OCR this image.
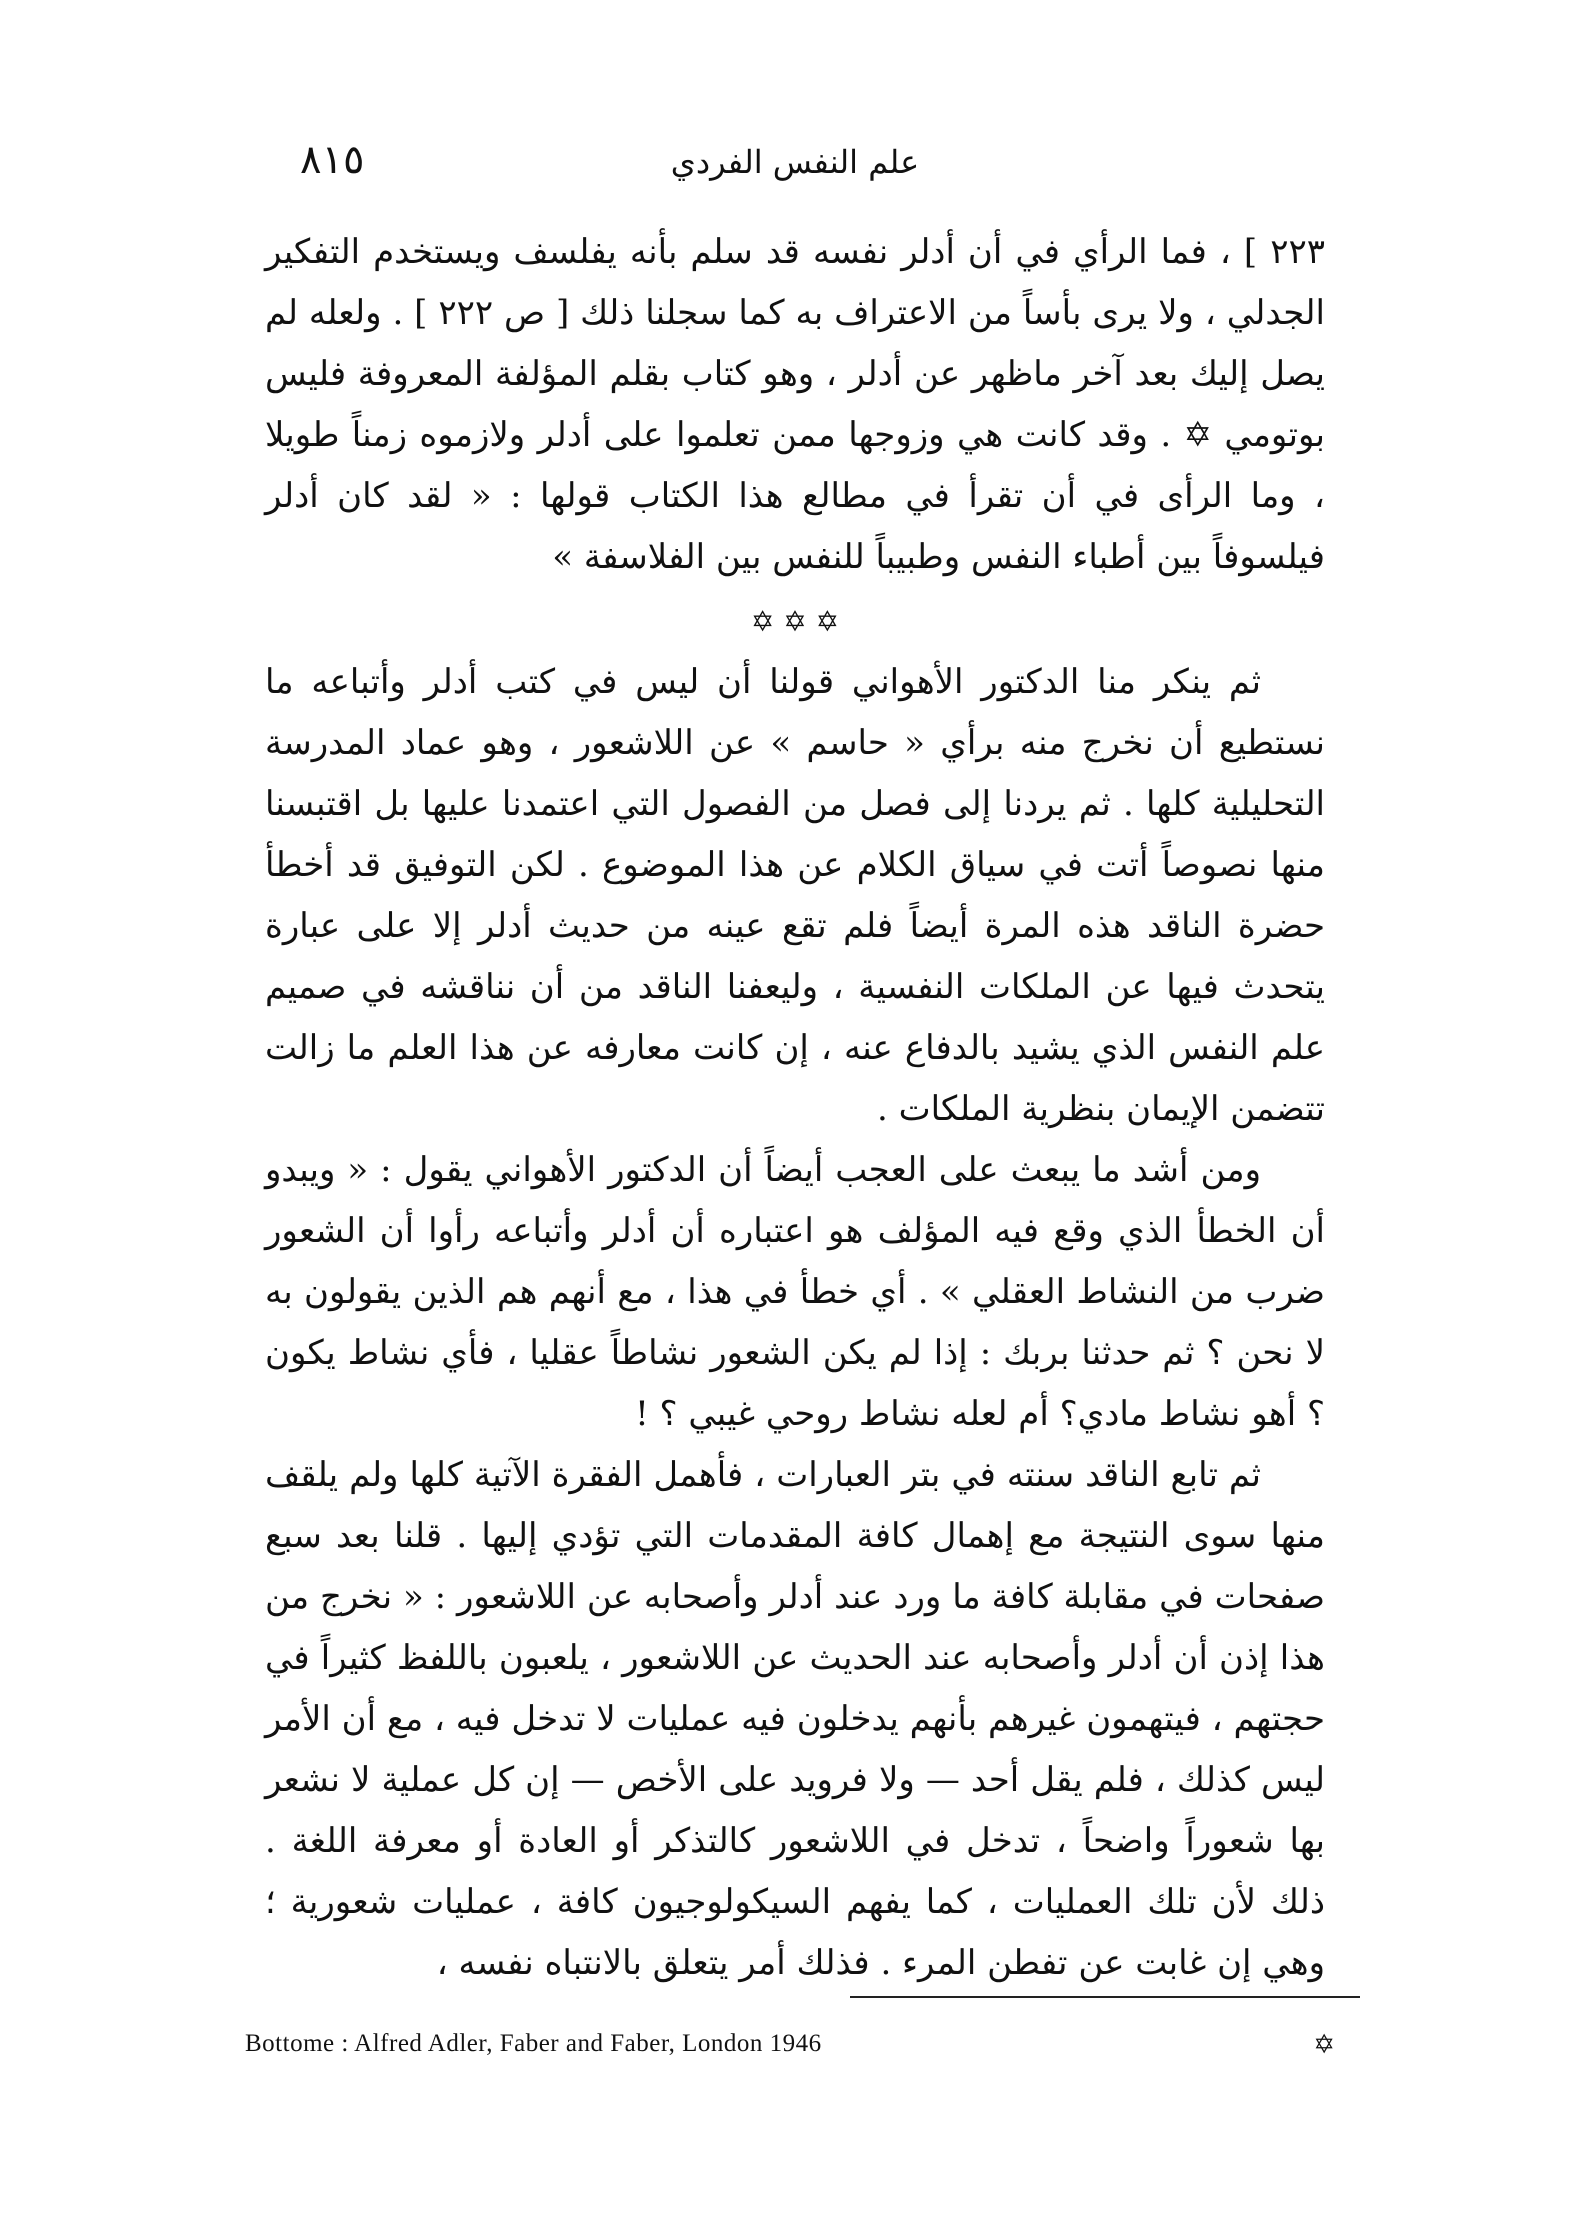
٨١٥	علم النفس الفردي

٢٢٣ ] ، فما الرأي في أن أدلر نفسه قد سلم بأنه يفلسف ويستخدم التفكير الجدلي ، ولا يرى بأساً من الاعتراف به كما سجلنا ذلك [ ص ٢٢٢ ] . ولعله لم يصل إليك بعد آخر ماظهر عن أدلر ، وهو كتاب بقلم المؤلفة المعروفة فليس بوتومي ✡ . وقد كانت هي وزوجها ممن تعلموا على أدلر ولازموه زمناً طويلا ، وما الرأى في أن تقرأ في مطالع هذا الكتاب قولها : « لقد كان أدلر فيلسوفاً بين أطباء النفس وطبيباً للنفس بين الفلاسفة »

✡ ✡ ✡

ثم ينكر منا الدكتور الأهواني قولنا أن ليس في كتب أدلر وأتباعه ما نستطيع أن نخرج منه برأي « حاسم » عن اللاشعور ، وهو عماد المدرسة التحليلية كلها . ثم يردنا إلى فصل من الفصول التي اعتمدنا عليها بل اقتبسنا منها نصوصاً أتت في سياق الكلام عن هذا الموضوع . لكن التوفيق قد أخطأ حضرة الناقد هذه المرة أيضاً فلم تقع عينه من حديث أدلر إلا على عبارة يتحدث فيها عن الملكات النفسية ، وليعفنا الناقد من أن نناقشه في صميم علم النفس الذي يشيد بالدفاع عنه ، إن كانت معارفه عن هذا العلم ما زالت تتضمن الإيمان بنظرية الملكات .

ومن أشد ما يبعث على العجب أيضاً أن الدكتور الأهواني يقول : « ويبدو أن الخطأ الذي وقع فيه المؤلف هو اعتباره أن أدلر وأتباعه رأوا أن الشعور ضرب من النشاط العقلي » . أي خطأ في هذا ، مع أنهم هم الذين يقولون به لا نحن ؟ ثم حدثنا بربك : إذا لم يكن الشعور نشاطاً عقليا ، فأي نشاط يكون ؟ أهو نشاط مادي؟ أم لعله نشاط روحي غيبي ؟ !

ثم تابع الناقد سنته في بتر العبارات ، فأهمل الفقرة الآتية كلها ولم يلقف منها سوى النتيجة مع إهمال كافة المقدمات التي تؤدي إليها . قلنا بعد سبع صفحات في مقابلة كافة ما ورد عند أدلر وأصحابه عن اللاشعور : « نخرج من هذا إذن أن أدلر وأصحابه عند الحديث عن اللاشعور ، يلعبون باللفظ كثيراً في حجتهم ، فيتهمون غيرهم بأنهم يدخلون فيه عمليات لا تدخل فيه ، مع أن الأمر ليس كذلك ، فلم يقل أحد — ولا فرويد على الأخص — إن كل عملية لا نشعر بها شعوراً واضحاً ، تدخل في اللاشعور كالتذكر أو العادة أو معرفة اللغة . ذلك لأن تلك العمليات ، كما يفهم السيكولوجيون كافة ، عمليات شعورية ؛ وهي إن غابت عن تفطن المرء . فذلك أمر يتعلق بالانتباه نفسه ،

Bottome : Alfred Adler, Faber and Faber, London 1946	✡
